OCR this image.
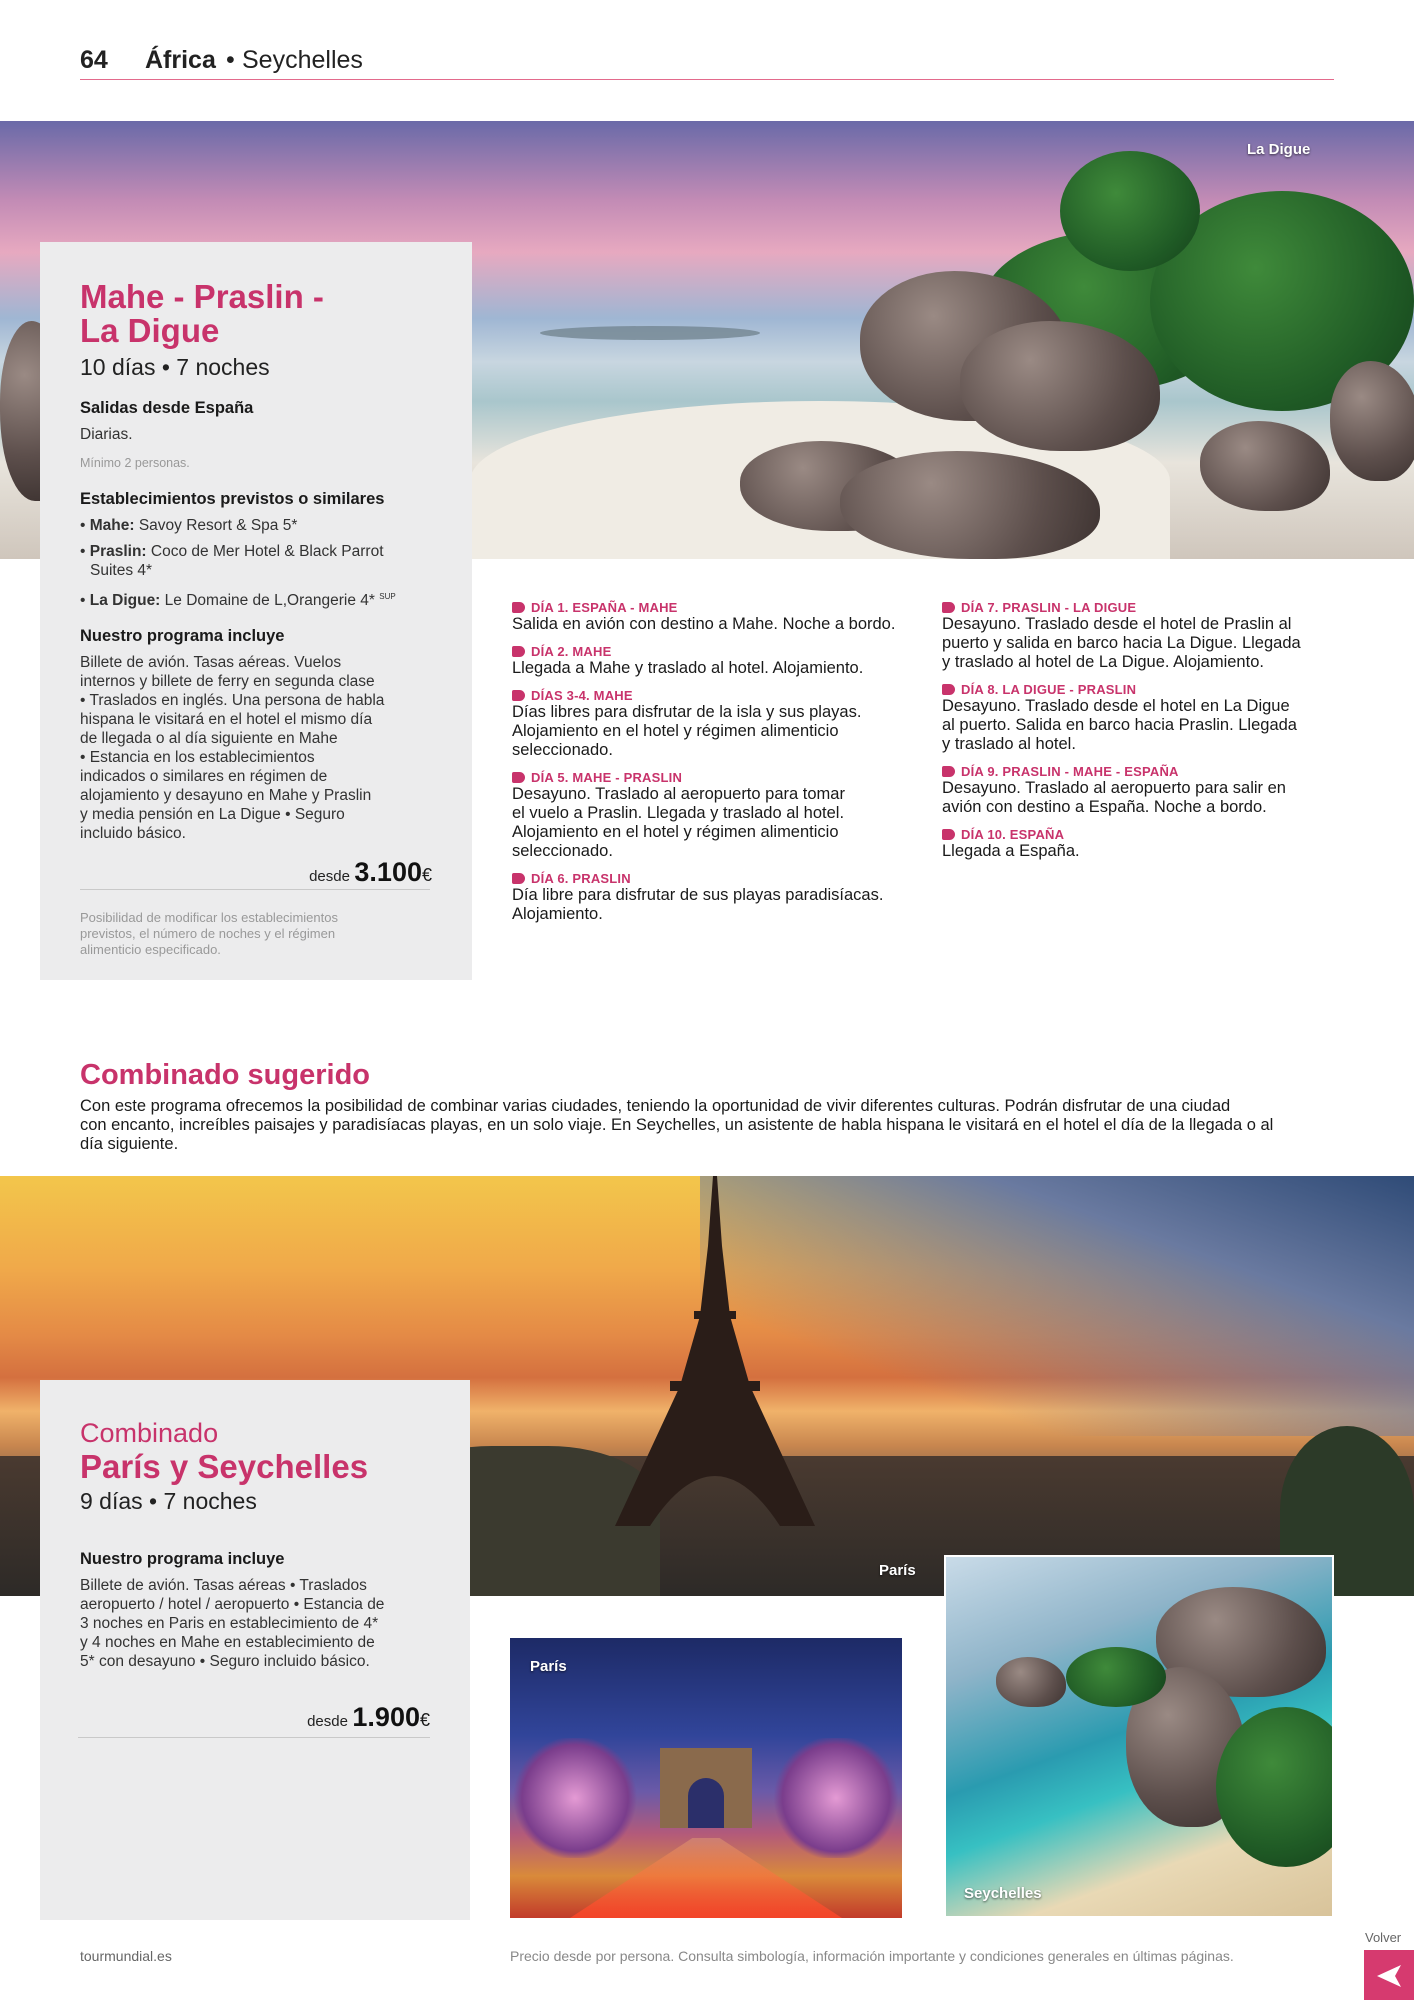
64 África • Seychelles
La Digue
Mahe - Praslin -
La Digue
10 días • 7 noches
Salidas desde España
Diarias.
Mínimo 2 personas.
Establecimientos previstos o similares
• Mahe: Savoy Resort & Spa 5*
• Praslin: Coco de Mer Hotel & Black Parrot
Suites 4*
• La Digue: Le Domaine de L,Orangerie 4* $^{SUP}$
Nuestro programa incluye
Billete de avión. Tasas aéreas. Vuelos
internos y billete de ferry en segunda clase
• Traslados en inglés. Una persona de habla
hispana le visitará en el hotel el mismo día
de llegada o al día siguiente en Mahe
• Estancia en los establecimientos
indicados o similares en régimen de
alojamiento y desayuno en Mahe y Praslin
y media pensión en La Digue • Seguro
incluido básico.
desde 3.100€
Posibilidad de modificar los establecimientos
previstos, el número de noches y el régimen
alimenticio especificado.
DÍA 1. ESPAÑA - MAHE
Salida en avión con destino a Mahe. Noche a bordo.
DÍA 2. MAHE
Llegada a Mahe y traslado al hotel. Alojamiento.
DÍAS 3-4. MAHE
Días libres para disfrutar de la isla y sus playas.
Alojamiento en el hotel y régimen alimenticio
seleccionado.
DÍA 5. MAHE - PRASLIN
Desayuno. Traslado al aeropuerto para tomar
el vuelo a Praslin. Llegada y traslado al hotel.
Alojamiento en el hotel y régimen alimenticio
seleccionado.
DÍA 6. PRASLIN
Día libre para disfrutar de sus playas paradisíacas.
Alojamiento.
DÍA 7. PRASLIN - LA DIGUE
Desayuno. Traslado desde el hotel de Praslin al
puerto y salida en barco hacia La Digue. Llegada
y traslado al hotel de La Digue. Alojamiento.
DÍA 8. LA DIGUE - PRASLIN
Desayuno. Traslado desde el hotel en La Digue
al puerto. Salida en barco hacia Praslin. Llegada
y traslado al hotel.
DÍA 9. PRASLIN - MAHE - ESPAÑA
Desayuno. Traslado al aeropuerto para salir en
avión con destino a España. Noche a bordo.
DÍA 10. ESPAÑA
Llegada a España.
Combinado sugerido
Con este programa ofrecemos la posibilidad de combinar varias ciudades, teniendo la oportunidad de vivir diferentes culturas. Podrán disfrutar de una ciudad
con encanto, increíbles paisajes y paradisíacas playas, en un solo viaje. En Seychelles, un asistente de habla hispana le visitará en el hotel el día de la llegada o al
día siguiente.
París
Combinado
París y Seychelles
9 días • 7 noches
Nuestro programa incluye
Billete de avión. Tasas aéreas • Traslados
aeropuerto / hotel / aeropuerto • Estancia de
3 noches en Paris en establecimiento de 4*
y 4 noches en Mahe en establecimiento de
5* con desayuno • Seguro incluido básico.
desde 1.900€
París
Seychelles
tourmundial.es	Precio desde por persona. Consulta simbología, información importante y condiciones generales en últimas páginas.
Volver
